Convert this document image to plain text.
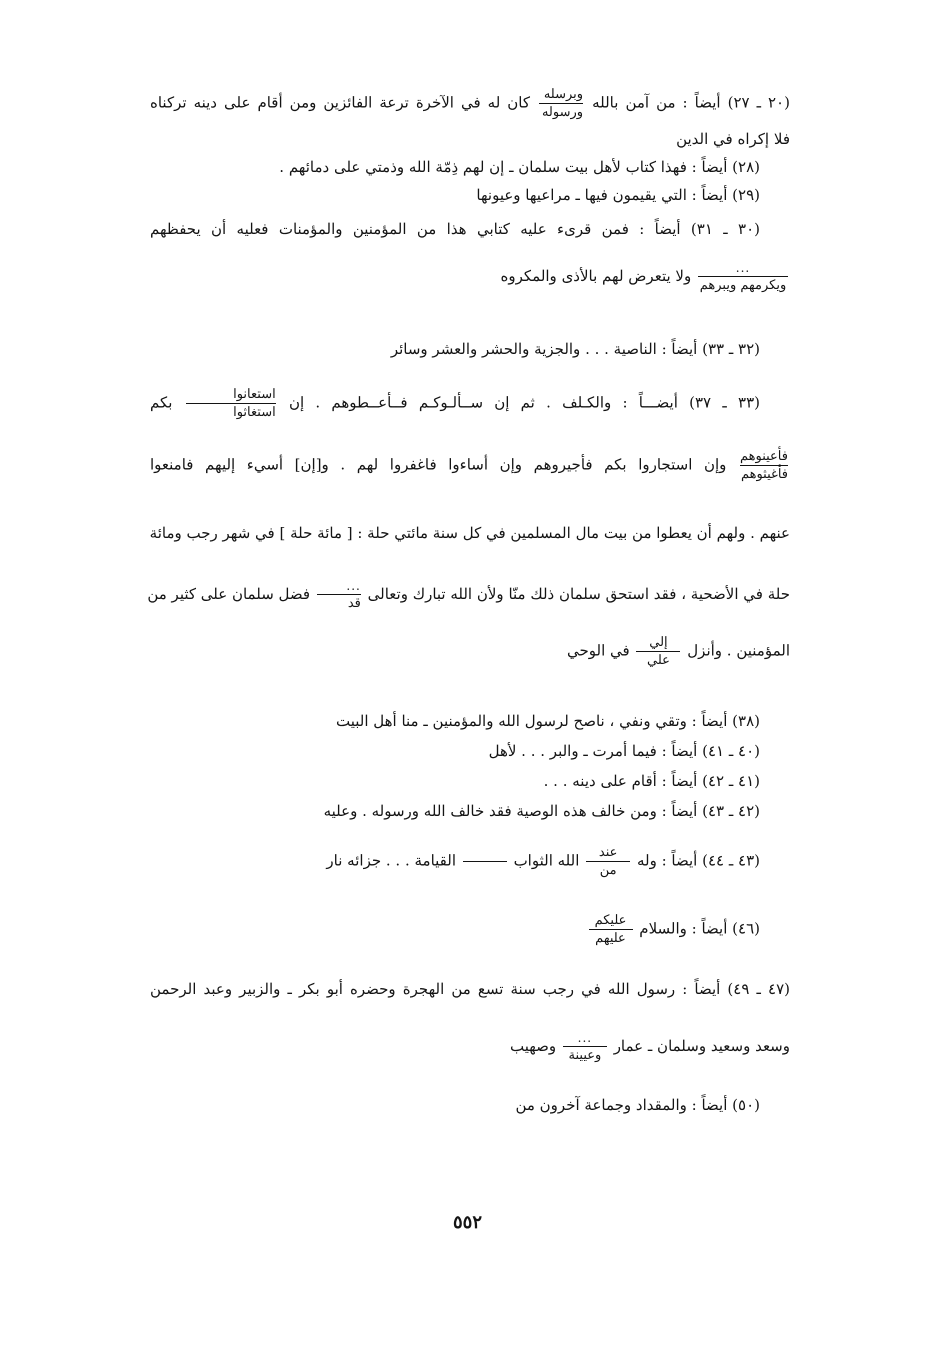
(٢٠ ـ ٢٧) أيضاً : من آمن بالله
$\frac{\text{وبرسله}}{\text{ورسوله}}$
كان له في الآخرة ترعة الفائزين ومن أقام على دينه تركناه
فلا إكراه في الدين
(٢٨) أيضاً : فهذا كتاب لأهل بيت سلمان ـ إن لهم ذِمّة الله وذمتي على دمائهم .
(٢٩) أيضاً : التي يقيمون فيها ـ مراعيها وعيونها
(٣٠ ـ ٣١) أيضاً : فمن قرىء عليه كتابي هذا من المؤمنين والمؤمنات فعليه أن يحفظهم
$\frac{...}{\text{ويكرمهم ويبرهم}}$
ولا يتعرض لهم بالأذى والمكروه
(٣٢ ـ ٣٣) أيضاً : الناصية . . . والجزية والحشر والعشر وسائر
(٣٣ ـ ٣٧) أيضـــاً : والكـلف . ثم إن ســألـوكـم فــأعــطوهم . إن
$\frac{\text{استعانوا}}{\text{استغاثوا}}$
بكم
$\frac{\text{فأعينوهم}}{\text{فأغيثوهم}}$
وإن استجاروا بكم فأجيروهم وإن أساءوا فاغفروا لهم . و[إن] أسيء إليهم فامنعوا
عنهم . ولهم أن يعطوا من بيت مال المسلمين في كل سنة مائتي حلة : [ مائة حلة ] في شهر رجب ومائة
حلة في الأضحية ، فقد استحق سلمان ذلك منّا ولأن الله تبارك وتعالى
$\frac{...}{\text{قد}}$
فضل سلمان على كثير من
المؤمنين . وأنزل
$\frac{\text{إلي}}{\text{علي}}$
في الوحي
(٣٨) أيضاً : وتقي ونفي ، ناصح لرسول الله والمؤمنين ـ منا أهل البيت
(٤٠ ـ ٤١) أيضاً : فيما أمرت ـ والبر . . . لأهل
(٤١ ـ ٤٢) أيضاً : أقام على دينه . . .
(٤٢ ـ ٤٣) أيضاً : ومن خالف هذه الوصية فقد خالف الله ورسوله . وعليه
(٤٣ ـ ٤٤) أيضاً : وله
$\frac{\text{عند}}{\text{من}}$
الله الثواب
القيامة . . . جزائه نار
(٤٦) أيضاً : والسلام
$\frac{\text{عليكم}}{\text{عليهم}}$
(٤٧ ـ ٤٩) أيضاً : رسول الله في رجب سنة تسع من الهجرة وحضره أبو بكر ـ والزبير وعبد الرحمن
وسعد وسعيد وسلمان ـ عمار
$\frac{...}{\text{وعيينة}}$
وصهيب
(٥٠) أيضاً : والمقداد وجماعة آخرون من
٥٥٢
